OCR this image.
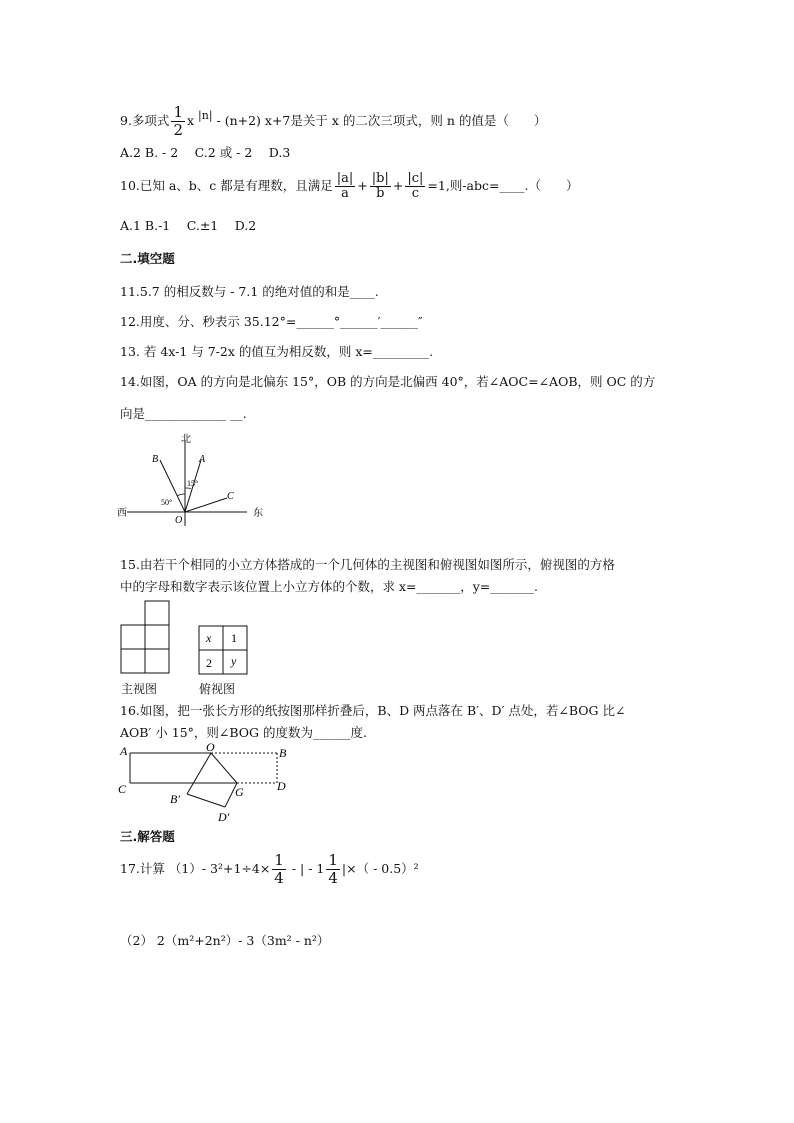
9.多项式 $\frac{1}{2}$ x |n| - (n+2) x+7是关于 x 的二次三项式，则 n 的值是（　　）
A.2 B. - 2　 C.2 或 - 2　 D.3
10.已知 a、b、c 都是有理数，且满足 $\frac{|a|}{a} + \frac{|b|}{b} + \frac{|c|}{c} =1$,则-abc=____.（　　）
A.1 B.-1　 C.±1　 D.2
二.填空题
11.5.7 的相反数与 - 7.1 的绝对值的和是____.
12.用度、分、秒表示 35.12°=______°______′______″
13. 若 4x-1 与 7-2x 的值互为相反数，则 x=_________.
14.如图，OA 的方向是北偏东 15°，OB 的方向是北偏西 40°，若∠AOC=∠AOB，则 OC 的方
向是_____________ __.
北
西	东
B	A
C
O
50°
15°
15.由若干个相同的小立方体搭成的一个几何体的主视图和俯视图如图所示，俯视图的方格
中的字母和数字表示该位置上小立方体的个数，求 x=_______，y=_______.
主视图
x 1
2 y
俯视图
16.如图，把一张长方形的纸按图那样折叠后，B、D 两点落在 B′、D′ 点处，若∠BOG 比∠
AOB′ 小 15°，则∠BOG 的度数为______度.
A	O	B
C	D
G
B′
D′
三.解答题
17.计算 （1）- $3^2+1\div 4\times \frac{1}{4}$ - | - $1 \frac{1}{4}$ |×（ - 0.5）²
（2） 2（m²+2n²）- 3（3m² - n²）
